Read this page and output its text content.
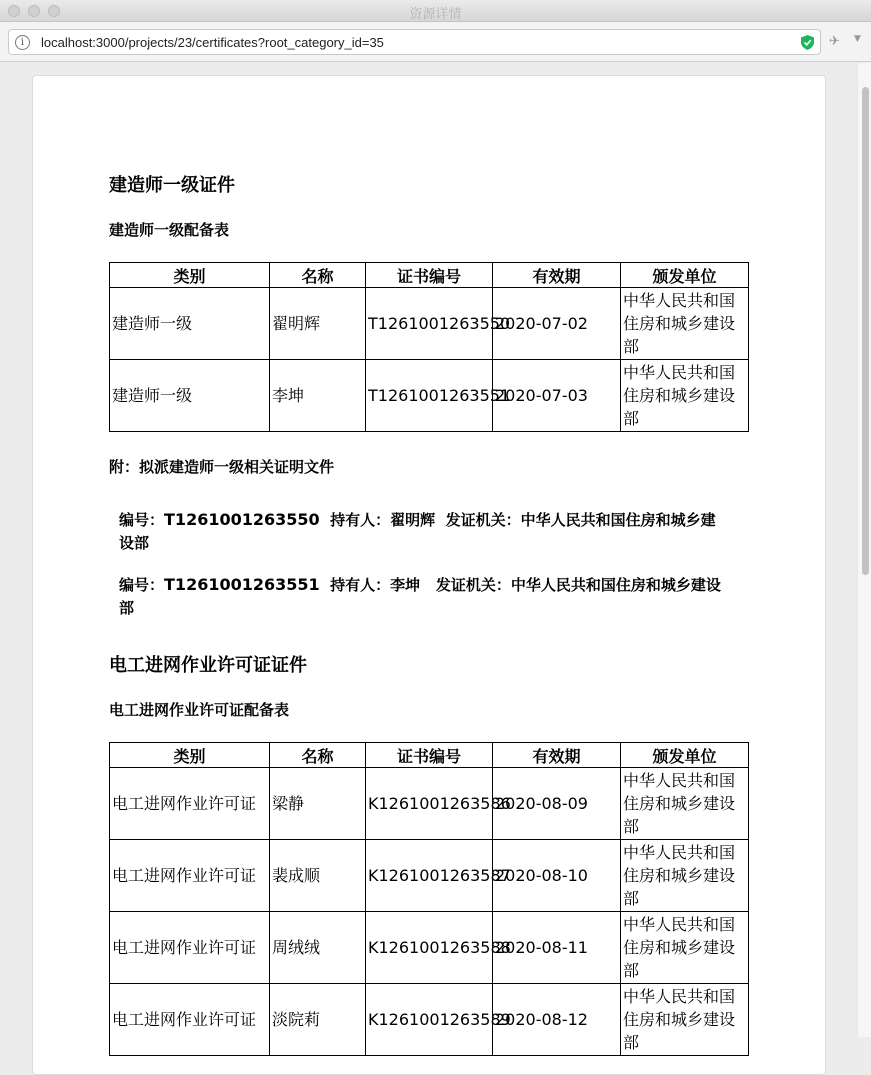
资源详情
i	localhost:3000/projects/23/certificates?root_category_id=35	✈ ▼
建造师一级证件
建造师一级配备表
类别	名称	证书编号	有效期	颁发单位
建造师一级	翟明辉	T1261001263550	2020-07-02	中华人民共和国住房和城乡建设部
建造师一级	李坤	T1261001263551	2020-07-03	中华人民共和国住房和城乡建设部
附：拟派建造师一级相关证明文件
编号：T1261001263550 持有人：翟明辉 发证机关：中华人民共和国住房和城乡建
设部
编号：T1261001263551 持有人：李坤 发证机关：中华人民共和国住房和城乡建设
部
电工进网作业许可证证件
电工进网作业许可证配备表
类别	名称	证书编号	有效期	颁发单位
电工进网作业许可证	梁静	K1261001263586	2020-08-09	中华人民共和国住房和城乡建设部
电工进网作业许可证	裴成顺	K1261001263587	2020-08-10	中华人民共和国住房和城乡建设部
电工进网作业许可证	周绒绒	K1261001263588	2020-08-11	中华人民共和国住房和城乡建设部
电工进网作业许可证	淡院莉	K1261001263589	2020-08-12	中华人民共和国住房和城乡建设部
